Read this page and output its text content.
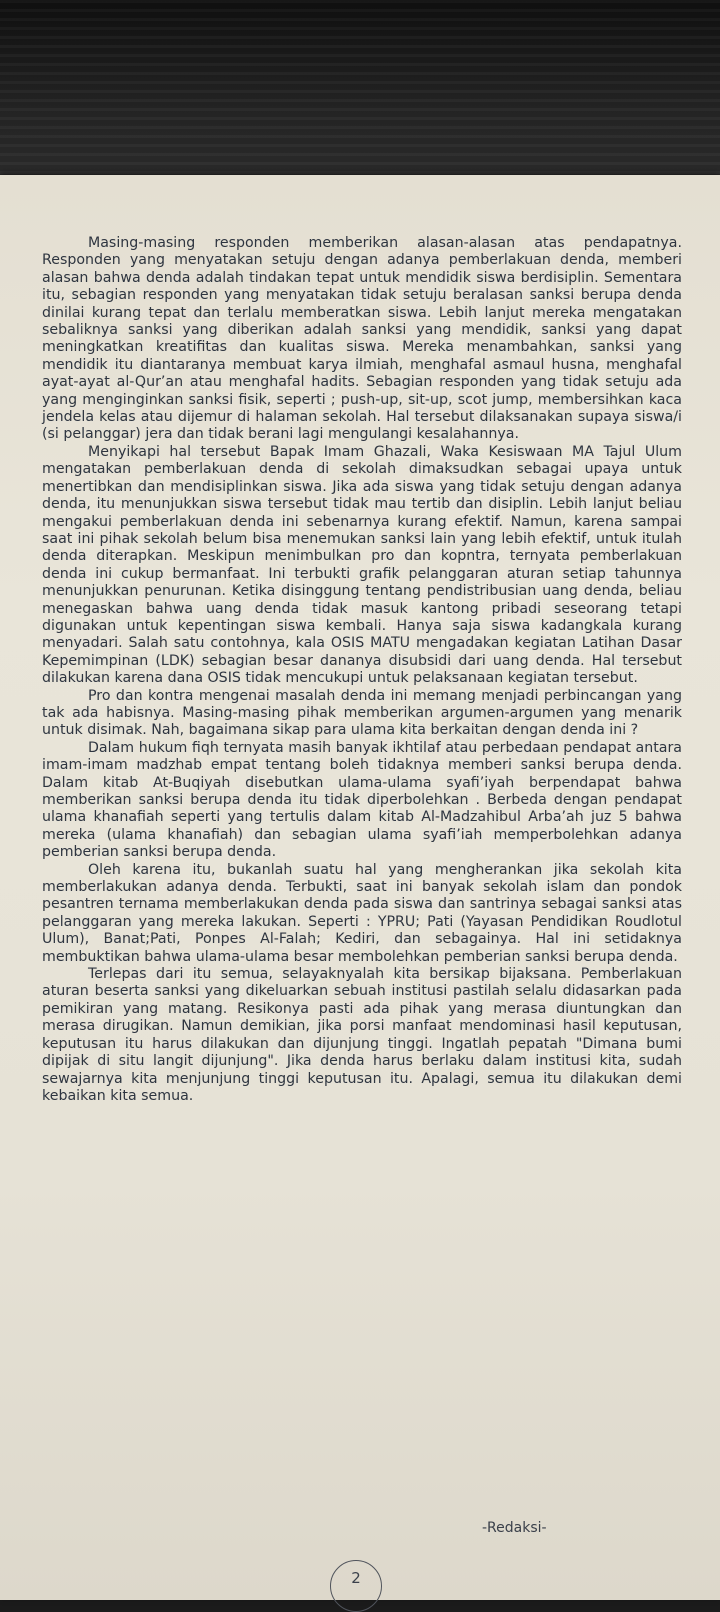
Masing-masing responden memberikan alasan-alasan atas pendapatnya. Responden yang menyatakan setuju dengan adanya pemberlakuan denda, memberi alasan bahwa denda adalah tindakan tepat untuk mendidik siswa berdisiplin. Sementara itu, sebagian responden yang menyatakan tidak setuju beralasan sanksi berupa denda dinilai kurang tepat dan terlalu memberatkan siswa. Lebih lanjut mereka mengatakan sebaliknya sanksi yang diberikan adalah sanksi yang mendidik, sanksi yang dapat meningkatkan kreatifitas dan kualitas siswa. Mereka menambahkan, sanksi yang mendidik itu diantaranya membuat karya ilmiah, menghafal asmaul husna, menghafal ayat-ayat al-Qur’an atau menghafal hadits. Sebagian responden yang tidak setuju ada yang menginginkan sanksi fisik, seperti ; push-up, sit-up, scot jump, membersihkan kaca jendela kelas atau dijemur di halaman sekolah. Hal tersebut dilaksanakan supaya siswa/i (si pelanggar) jera dan tidak berani lagi mengulangi kesalahannya.

Menyikapi hal tersebut Bapak Imam Ghazali, Waka Kesiswaan MA Tajul Ulum mengatakan pemberlakuan denda di sekolah dimaksudkan sebagai upaya untuk menertibkan dan mendisiplinkan siswa. Jika ada siswa yang tidak setuju dengan adanya denda, itu menunjukkan siswa tersebut tidak mau tertib dan disiplin. Lebih lanjut beliau mengakui pemberlakuan denda ini sebenarnya kurang efektif. Namun, karena sampai saat ini pihak sekolah belum bisa menemukan sanksi lain yang lebih efektif, untuk itulah denda diterapkan. Meskipun menimbulkan pro dan kopntra, ternyata pemberlakuan denda ini cukup bermanfaat. Ini terbukti grafik pelanggaran aturan setiap tahunnya menunjukkan penurunan. Ketika disinggung tentang pendistribusian uang denda, beliau menegaskan bahwa uang denda tidak masuk kantong pribadi seseorang tetapi digunakan untuk kepentingan siswa kembali. Hanya saja siswa kadangkala kurang menyadari. Salah satu contohnya, kala OSIS MATU mengadakan kegiatan Latihan Dasar Kepemimpinan (LDK) sebagian besar dananya disubsidi dari uang denda. Hal tersebut dilakukan karena dana OSIS tidak mencukupi untuk pelaksanaan kegiatan tersebut.

Pro dan kontra mengenai masalah denda ini memang menjadi perbincangan yang tak ada habisnya. Masing-masing pihak memberikan argumen-argumen yang menarik untuk disimak. Nah, bagaimana sikap para ulama kita berkaitan dengan denda ini ?

Dalam hukum fiqh ternyata masih banyak ikhtilaf atau perbedaan pendapat antara imam-imam madzhab empat tentang boleh tidaknya memberi sanksi berupa denda. Dalam kitab At-Buqiyah disebutkan ulama-ulama syafi’iyah berpendapat bahwa memberikan sanksi berupa denda itu tidak diperbolehkan . Berbeda dengan pendapat ulama khanafiah seperti yang tertulis dalam kitab Al-Madzahibul Arba’ah juz 5 bahwa mereka (ulama khanafiah) dan sebagian ulama syafi’iah memperbolehkan adanya pemberian sanksi berupa denda.

Oleh karena itu, bukanlah suatu hal yang mengherankan jika sekolah kita memberlakukan adanya denda. Terbukti, saat ini banyak sekolah islam dan pondok pesantren ternama memberlakukan denda pada siswa dan santrinya sebagai sanksi atas pelanggaran yang mereka lakukan. Seperti : YPRU; Pati (Yayasan Pendidikan Roudlotul Ulum), Banat;Pati, Ponpes Al-Falah; Kediri, dan sebagainya. Hal ini setidaknya membuktikan bahwa ulama-ulama besar membolehkan pemberian sanksi berupa denda.

Terlepas dari itu semua, selayaknyalah kita bersikap bijaksana. Pemberlakuan aturan beserta sanksi yang dikeluarkan sebuah institusi pastilah selalu didasarkan pada pemikiran yang matang. Resikonya pasti ada pihak yang merasa diuntungkan dan merasa dirugikan. Namun demikian, jika porsi manfaat mendominasi hasil keputusan, keputusan itu harus dilakukan dan dijunjung tinggi. Ingatlah pepatah "Dimana bumi dipijak di situ langit dijunjung". Jika denda harus berlaku dalam institusi kita, sudah sewajarnya kita menjunjung tinggi keputusan itu. Apalagi, semua itu dilakukan demi kebaikan kita semua.

-Redaksi-
2
